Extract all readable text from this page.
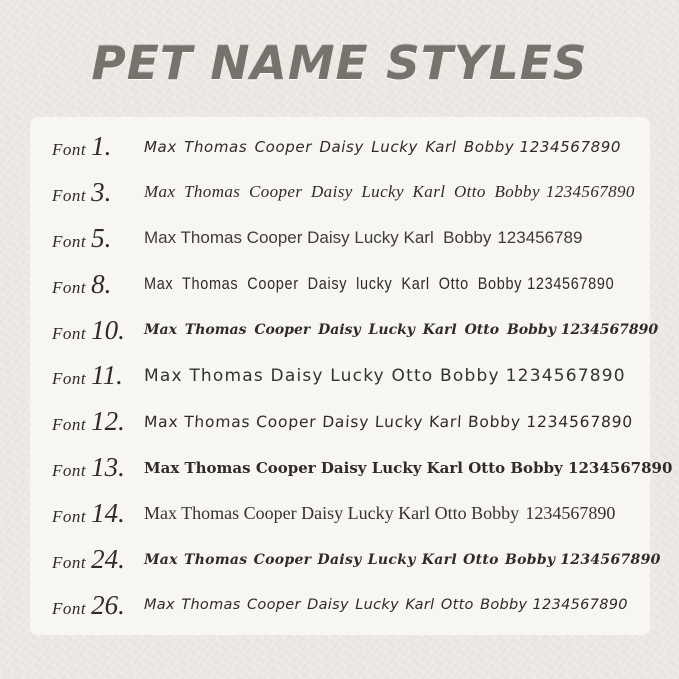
PET NAME STYLES
Font 1.	Max Thomas Cooper Daisy Lucky Karl Bobby 1234567890
Font 3.	Max Thomas Cooper Daisy Lucky Karl Otto Bobby 1234567890
Font 5.	Max Thomas Cooper Daisy Lucky Karl  Bobby 123456789
Font 8.	Max Thomas Cooper Daisy lucky Karl Otto Bobby 1234567890
Font 10.	Max Thomas Cooper Daisy Lucky Karl Otto Bobby 1234567890
Font 11.	Max Thomas Daisy Lucky Otto Bobby 1234567890
Font 12.	Max Thomas Cooper Daisy Lucky Karl Bobby 1234567890
Font 13.	Max Thomas Cooper Daisy Lucky Karl Otto Bobby 1234567890
Font 14.	Max Thomas Cooper Daisy Lucky Karl Otto Bobby 1234567890
Font 24.	Max Thomas Cooper Daisy Lucky Karl Otto Bobby 1234567890
Font 26.	Max Thomas Cooper Daisy Lucky Karl Otto Bobby 1234567890
